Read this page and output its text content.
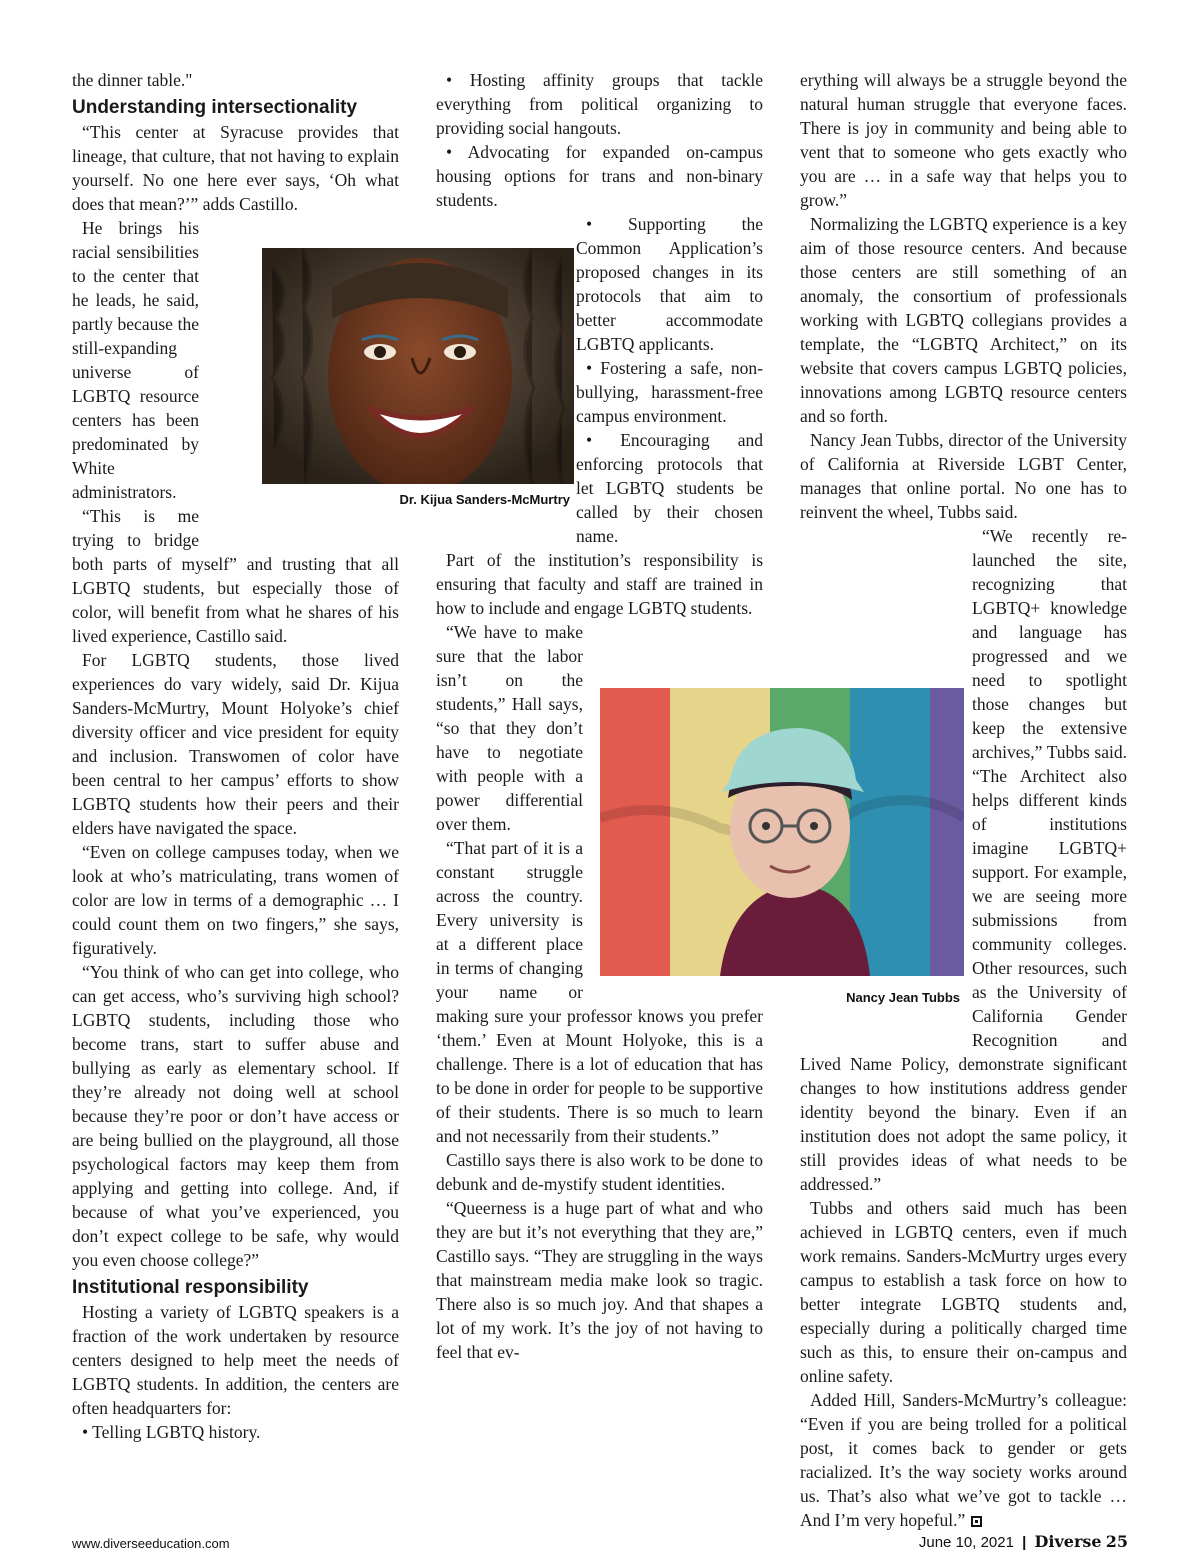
Dr. Kijua Sanders-McMurtry
Nancy Jean Tubbs

the dinner table."

Understanding intersectionality

“This center at Syracuse provides that lineage, that culture, that not having to explain yourself. No one here ever says, ‘Oh what does that mean?’” adds Castillo.

He brings his racial sensibilities to the center that he leads, he said, partly because the still-expanding universe of LGBTQ resource centers has been predominated by White administrators.

“This is me trying to bridge both parts of myself” and trusting that all LGBTQ students, but especially those of color, will benefit from what he shares of his lived experience, Castillo said.

For LGBTQ students, those lived experiences do vary widely, said Dr. Kijua Sanders-McMurtry, Mount Holyoke’s chief diversity officer and vice president for equity and inclusion. Transwomen of color have been central to her campus’ efforts to show LGBTQ students how their peers and their elders have navigated the space.

“Even on college campuses today, when we look at who’s matriculating, trans women of color are low in terms of a demographic … I could count them on two fingers,” she says, figuratively.

“You think of who can get into college, who can get access, who’s surviving high school? LGBTQ students, including those who become trans, start to suffer abuse and bullying as early as elementary school. If they’re already not doing well at school because they’re poor or don’t have access or are being bullied on the playground, all those psychological factors may keep them from applying and getting into college. And, if because of what you’ve experienced, you don’t expect college to be safe, why would you even choose college?”

Institutional responsibility

Hosting a variety of LGBTQ speakers is a fraction of the work undertaken by resource centers designed to help meet the needs of LGBTQ students. In addition, the centers are often headquarters for:

• Telling LGBTQ history.

• Hosting affinity groups that tackle everything from political organizing to providing social hangouts.

• Advocating for expanded on-campus housing options for trans and non-binary students.

• Supporting the Common Application’s proposed changes in its protocols that aim to better accommodate LGBTQ applicants.

• Fostering a safe, non-bullying, harassment-free campus environment.

• Encouraging and enforcing protocols that let LGBTQ students be called by their chosen name.

Part of the institution’s responsibility is ensuring that faculty and staff are trained in how to include and engage LGBTQ students.

“We have to make sure that the labor isn’t on the students,” Hall says, “so that they don’t have to negotiate with people with a power differential over them.

“That part of it is a constant struggle across the country. Every university is at a different place in terms of changing your name or making sure your professor knows you prefer ‘them.’ Even at Mount Holyoke, this is a challenge. There is a lot of education that has to be done in order for people to be supportive of their students. There is so much to learn and not necessarily from their students.”

Castillo says there is also work to be done to debunk and de-mystify student identities.

“Queerness is a huge part of what and who they are but it’s not everything that they are,” Castillo says. “They are struggling in the ways that mainstream media make look so tragic. There also is so much joy. And that shapes a lot of my work. It’s the joy of not having to feel that ev-

erything will always be a struggle beyond the natural human struggle that everyone faces. There is joy in community and being able to vent that to someone who gets exactly who you are … in a safe way that helps you to grow.”

Normalizing the LGBTQ experience is a key aim of those resource centers. And because those centers are still something of an anomaly, the consortium of professionals working with LGBTQ collegians provides a template, the “LGBTQ Architect,” on its website that covers campus LGBTQ policies, innovations among LGBTQ resource centers and so forth.

Nancy Jean Tubbs, director of the University of California at Riverside LGBT Center, manages that online portal. No one has to reinvent the wheel, Tubbs said.

“We recently re-launched the site, recognizing that LGBTQ+ knowledge and language has progressed and we need to spotlight those changes but keep the extensive archives,” Tubbs said. “The Architect also helps different kinds of institutions imagine LGBTQ+ support. For example, we are seeing more submissions from community colleges. Other resources, such as the University of California Gender Recognition and Lived Name Policy, demonstrate significant changes to how institutions address gender identity beyond the binary. Even if an institution does not adopt the same policy, it still provides ideas of what needs to be addressed.”

Tubbs and others said much has been achieved in LGBTQ centers, even if much work remains. Sanders-McMurtry urges every campus to establish a task force on how to better integrate LGBTQ students and, especially during a politically charged time such as this, to ensure their on-campus and online safety.

Added Hill, Sanders-McMurtry’s colleague: “Even if you are being trolled for a political post, it comes back to gender or gets racialized. It’s the way society works around us. That’s also what we’ve got to tackle … And I’m very hopeful.”

www.diverseeducation.com	June 10, 2021 | Diverse 25
